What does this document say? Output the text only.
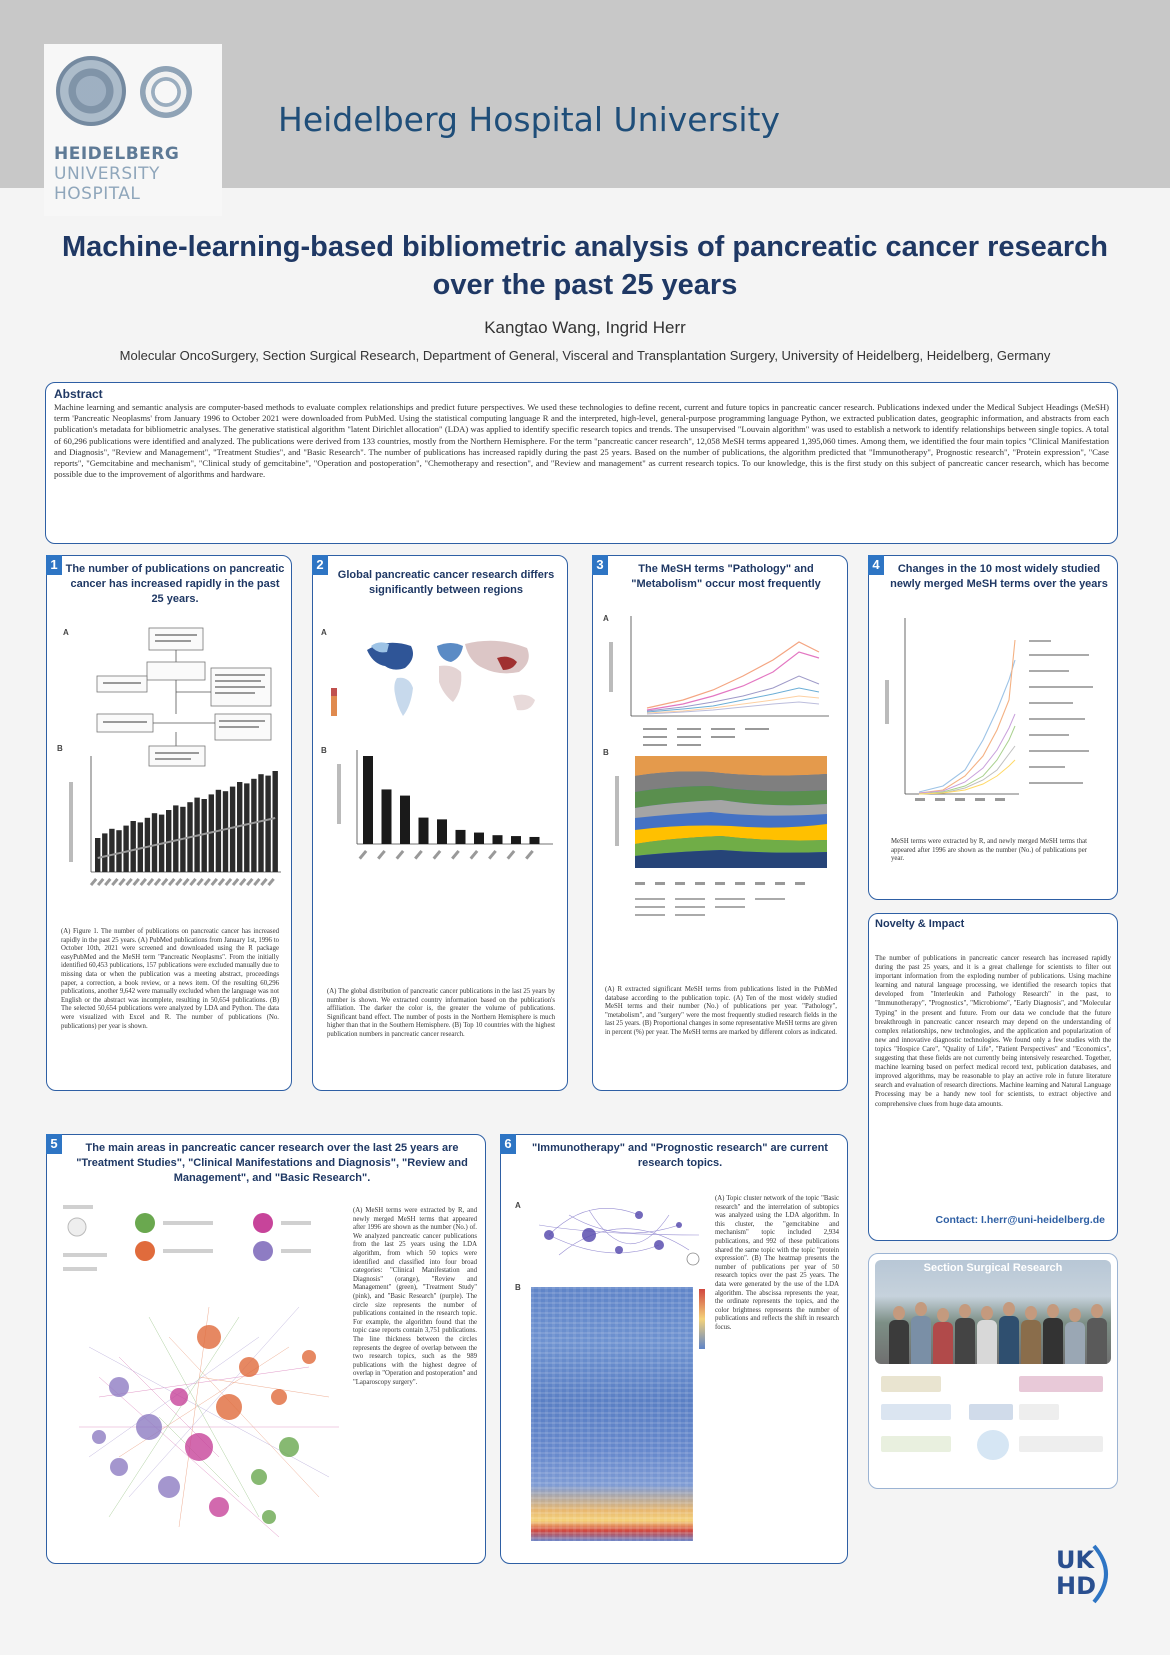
HEIDELBERG
UNIVERSITY
HOSPITAL
Heidelberg Hospital University
Machine-learning-based bibliometric analysis of pancreatic cancer research over the past 25 years
Kangtao Wang, Ingrid Herr
Molecular OncoSurgery, Section Surgical Research, Department of General, Visceral and Transplantation Surgery, University of Heidelberg, Heidelberg, Germany
Abstract

Machine learning and semantic analysis are computer-based methods to evaluate complex relationships and predict future perspectives. We used these technologies to define recent, current and future topics in pancreatic cancer research. Publications indexed under the Medical Subject Headings (MeSH) term 'Pancreatic Neoplasms' from January 1996 to October 2021 were downloaded from PubMed. Using the statistical computing language R and the interpreted, high-level, general-purpose programming language Python, we extracted publication dates, geographic information, and abstracts from each publication's metadata for bibliometric analyses. The generative statistical algorithm "latent Dirichlet allocation" (LDA) was applied to identify specific research topics and trends. The unsupervised "Louvain algorithm" was used to establish a network to identify relationships between single topics. A total of 60,296 publications were identified and analyzed. The publications were derived from 133 countries, mostly from the Northern Hemisphere. For the term "pancreatic cancer research", 12,058 MeSH terms appeared 1,395,060 times. Among them, we identified the four main topics "Clinical Manifestation and Diagnosis", "Review and Management", "Treatment Studies", and "Basic Research". The number of publications has increased rapidly during the past 25 years. Based on the number of publications, the algorithm predicted that "Immunotherapy", Prognostic research", "Protein expression", "Case reports", "Gemcitabine and mechanism", "Clinical study of gemcitabine", "Operation and postoperation", "Chemotherapy and resection", and "Review and management" as current research topics. To our knowledge, this is the first study on this subject of pancreatic cancer research, which has become possible due to the improvement of algorithms and hardware.

1 The number of publications on pancreatic cancer has increased rapidly in the past 25 years.
A
B
(A) Figure 1. The number of publications on pancreatic cancer has increased rapidly in the past 25 years. (A) PubMed publications from January 1st, 1996 to October 10th, 2021 were screened and downloaded using the R package easyPubMed and the MeSH term "Pancreatic Neoplasms". From the initially identified 60,453 publications, 157 publications were excluded manually due to missing data or when the publication was a meeting abstract, proceedings paper, a correction, a book review, or a news item. Of the resulting 60,296 publications, another 9,642 were manually excluded when the language was not English or the abstract was incomplete, resulting in 50,654 publications. (B) The selected 50,654 publications were analyzed by LDA and Python. The data were visualized with Excel and R. The number of publications (No. publications) per year is shown.
2
Global pancreatic cancer research differs significantly between regions
A
B
(A) The global distribution of pancreatic cancer publications in the last 25 years by number is shown. We extracted country information based on the publication's affiliation. The darker the color is, the greater the volume of publications. Significant band effect. The number of posts in the Northern Hemisphere is much higher than that in the Southern Hemisphere. (B) Top 10 countries with the highest publication numbers in pancreatic cancer research.
3	The MeSH terms "Pathology" and "Metabolism" occur most frequently
A
B
(A) R extracted significant MeSH terms from publications listed in the PubMed database according to the publication topic. (A) Ten of the most widely studied MeSH terms and their number (No.) of publications per year. "Pathology", "metabolism", and "surgery" were the most frequently studied research fields in the last 25 years. (B) Proportional changes in some representative MeSH terms are given in percent (%) per year. The MeSH terms are marked by different colors as indicated.
4	Changes in the 10 most widely studied newly merged MeSH terms over the years
MeSH terms were extracted by R, and newly merged MeSH terms that appeared after 1996 are shown as the number (No.) of publications per year.
Novelty & Impact
The number of publications in pancreatic cancer research has increased rapidly during the past 25 years, and it is a great challenge for scientists to filter out important information from the exploding number of publications. Using machine learning and natural language processing, we identified the research topics that developed from "Interleukin and Pathology Research" in the past, to "Immunotherapy", "Prognostics", "Microbiome", "Early Diagnosis", and "Molecular Typing" in the present and future. From our data we conclude that the future breakthrough in pancreatic cancer research may depend on the understanding of complex relationships, new technologies, and the application and popularization of new and innovative diagnostic technologies. We found only a few studies with the topics "Hospice Care", "Quality of Life", "Patient Perspectives" and "Economics", suggesting that these fields are not currently being intensively researched. Together, machine learning based on perfect medical record text, publication databases, and improved algorithms, may be reasonable to play an active role in future literature search and evaluation of research directions. Machine learning and Natural Language Processing may be a handy new tool for scientists, to extract objective and comprehensive clues from huge data amounts.
Contact: I.herr@uni-heidelberg.de
Section Surgical Research
5	The main areas in pancreatic cancer research over the last 25 years are "Treatment Studies", "Clinical Manifestations and Diagnosis", "Review and Management", and "Basic Research".
(A) MeSH terms were extracted by R, and newly merged MeSH terms that appeared after 1996 are shown as the number (No.) of. We analyzed pancreatic cancer publications from the last 25 years using the LDA algorithm, from which 50 topics were identified and classified into four broad categories: "Clinical Manifestation and Diagnosis" (orange), "Review and Management" (green), "Treatment Study" (pink), and "Basic Research" (purple). The circle size represents the number of publications contained in the research topic. For example, the algorithm found that the topic case reports contain 3,751 publications. The line thickness between the circles represents the degree of overlap between the two research topics, such as the 989 publications with the highest degree of overlap in "Operation and postoperation" and "Laparoscopy surgery".
6	"Immunotherapy" and "Prognostic research" are current research topics.
A
B
(A) Topic cluster network of the topic "Basic research" and the interrelation of subtopics was analyzed using the LDA algorithm. In this cluster, the "gemcitabine and mechanism" topic included 2,934 publications, and 992 of these publications shared the same topic with the topic "protein expression". (B) The heatmap presents the number of publications per year of 50 research topics over the past 25 years. The data were generated by the use of the LDA algorithm. The abscissa represents the year, the ordinate represents the topics, and the color brightness represents the number of publications and reflects the shift in research focus.
UK
HD
